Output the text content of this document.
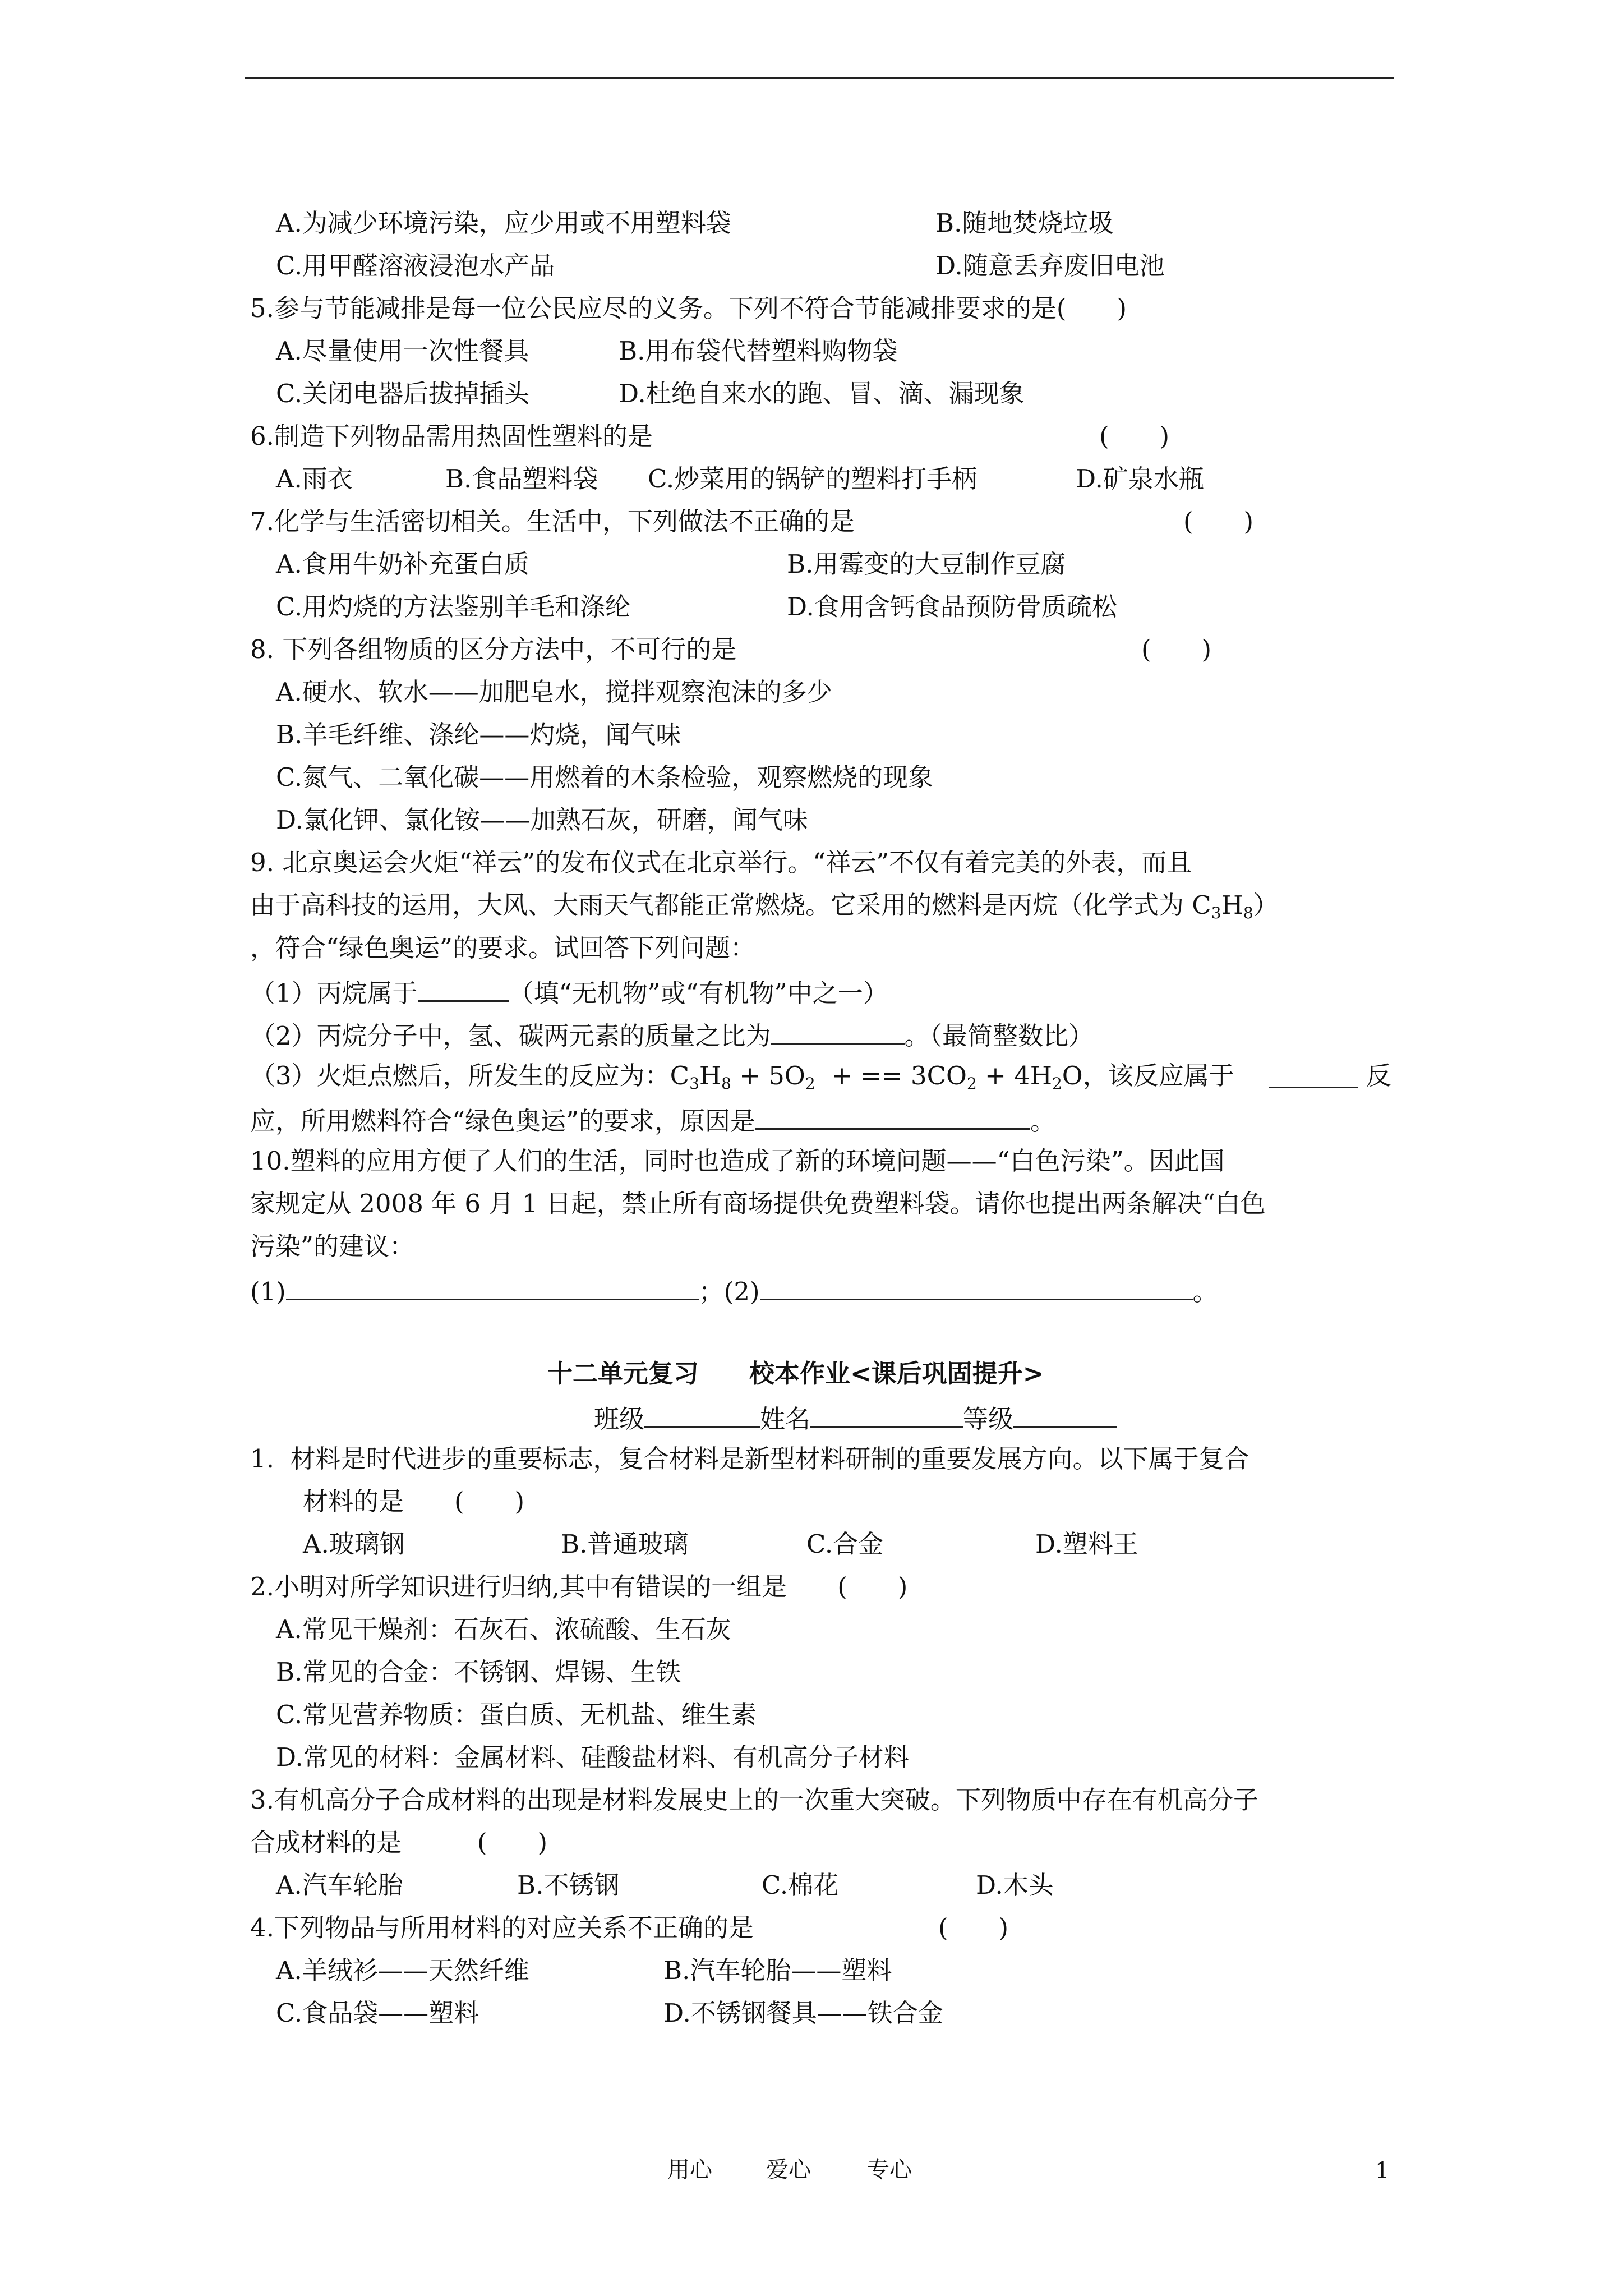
A.为减少环境污染，应少用或不用塑料袋	B.随地焚烧垃圾
C.用甲醛溶液浸泡水产品	D.随意丢弃废旧电池
5.参与节能减排是每一位公民应尽的义务。下列不符合节能减排要求的是(　　)
A.尽量使用一次性餐具	B.用布袋代替塑料购物袋
C.关闭电器后拔掉插头	D.杜绝自来水的跑、冒、滴、漏现象
6.制造下列物品需用热固性塑料的是	(　　)
A.雨衣	B.食品塑料袋 C.炒菜用的锅铲的塑料打手柄	D.矿泉水瓶
7.化学与生活密切相关。生活中，下列做法不正确的是	(　　)
A.食用牛奶补充蛋白质	B.用霉变的大豆制作豆腐
C.用灼烧的方法鉴别羊毛和涤纶	D.食用含钙食品预防骨质疏松
8. 下列各组物质的区分方法中，不可行的是	(　　)
A.硬水、软水——加肥皂水，搅拌观察泡沫的多少
B.羊毛纤维、涤纶——灼烧，闻气味
C.氮气、二氧化碳——用燃着的木条检验，观察燃烧的现象
D.氯化钾、氯化铵——加熟石灰，研磨，闻气味
9. 北京奥运会火炬“祥云”的发布仪式在北京举行。“祥云”不仅有着完美的外表，而且
由于高科技的运用，大风、大雨天气都能正常燃烧。它采用的燃料是丙烷（化学式为 $C_3H_8$）
，符合“绿色奥运”的要求。试回答下列问题：
（1）丙烷属于	（填“无机物”或“有机物”中之一）
（2）丙烷分子中，氢、碳两元素的质量之比为	。（最简整数比）
（3）火炬点燃后，所发生的反应为：$C_3H_8 + 5O_2$  + == $3CO_2 + 4H_2O$，该反应属于	反
应，所用燃料符合“绿色奥运”的要求，原因是	。
10.塑料的应用方便了人们的生活，同时也造成了新的环境问题——“白色污染”。因此国
家规定从 2008 年 6 月 1 日起，禁止所有商场提供免费塑料袋。请你也提出两条解决“白色
污染”的建议：
(1)	；(2)	。
十二单元复习　　校本作业<课后巩固提升>
班级	姓名	等级
1.  材料是时代进步的重要标志，复合材料是新型材料研制的重要发展方向。以下属于复合
材料的是　　(　　)
A.玻璃钢	B.普通玻璃	C.合金	D.塑料王
2.小明对所学知识进行归纳,其中有错误的一组是　　(　　)
A.常见干燥剂：石灰石、浓硫酸、生石灰
B.常见的合金：不锈钢、焊锡、生铁
C.常见营养物质：蛋白质、无机盐、维生素
D.常见的材料：金属材料、硅酸盐材料、有机高分子材料
3.有机高分子合成材料的出现是材料发展史上的一次重大突破。下列物质中存在有机高分子
合成材料的是　　　(　　)
A.汽车轮胎	B.不锈钢	C.棉花	D.木头
4.下列物品与所用材料的对应关系不正确的是	(　　)
A.羊绒衫——天然纤维	B.汽车轮胎——塑料
C.食品袋——塑料	D.不锈钢餐具——铁合金
用心 爱心	专心	1
